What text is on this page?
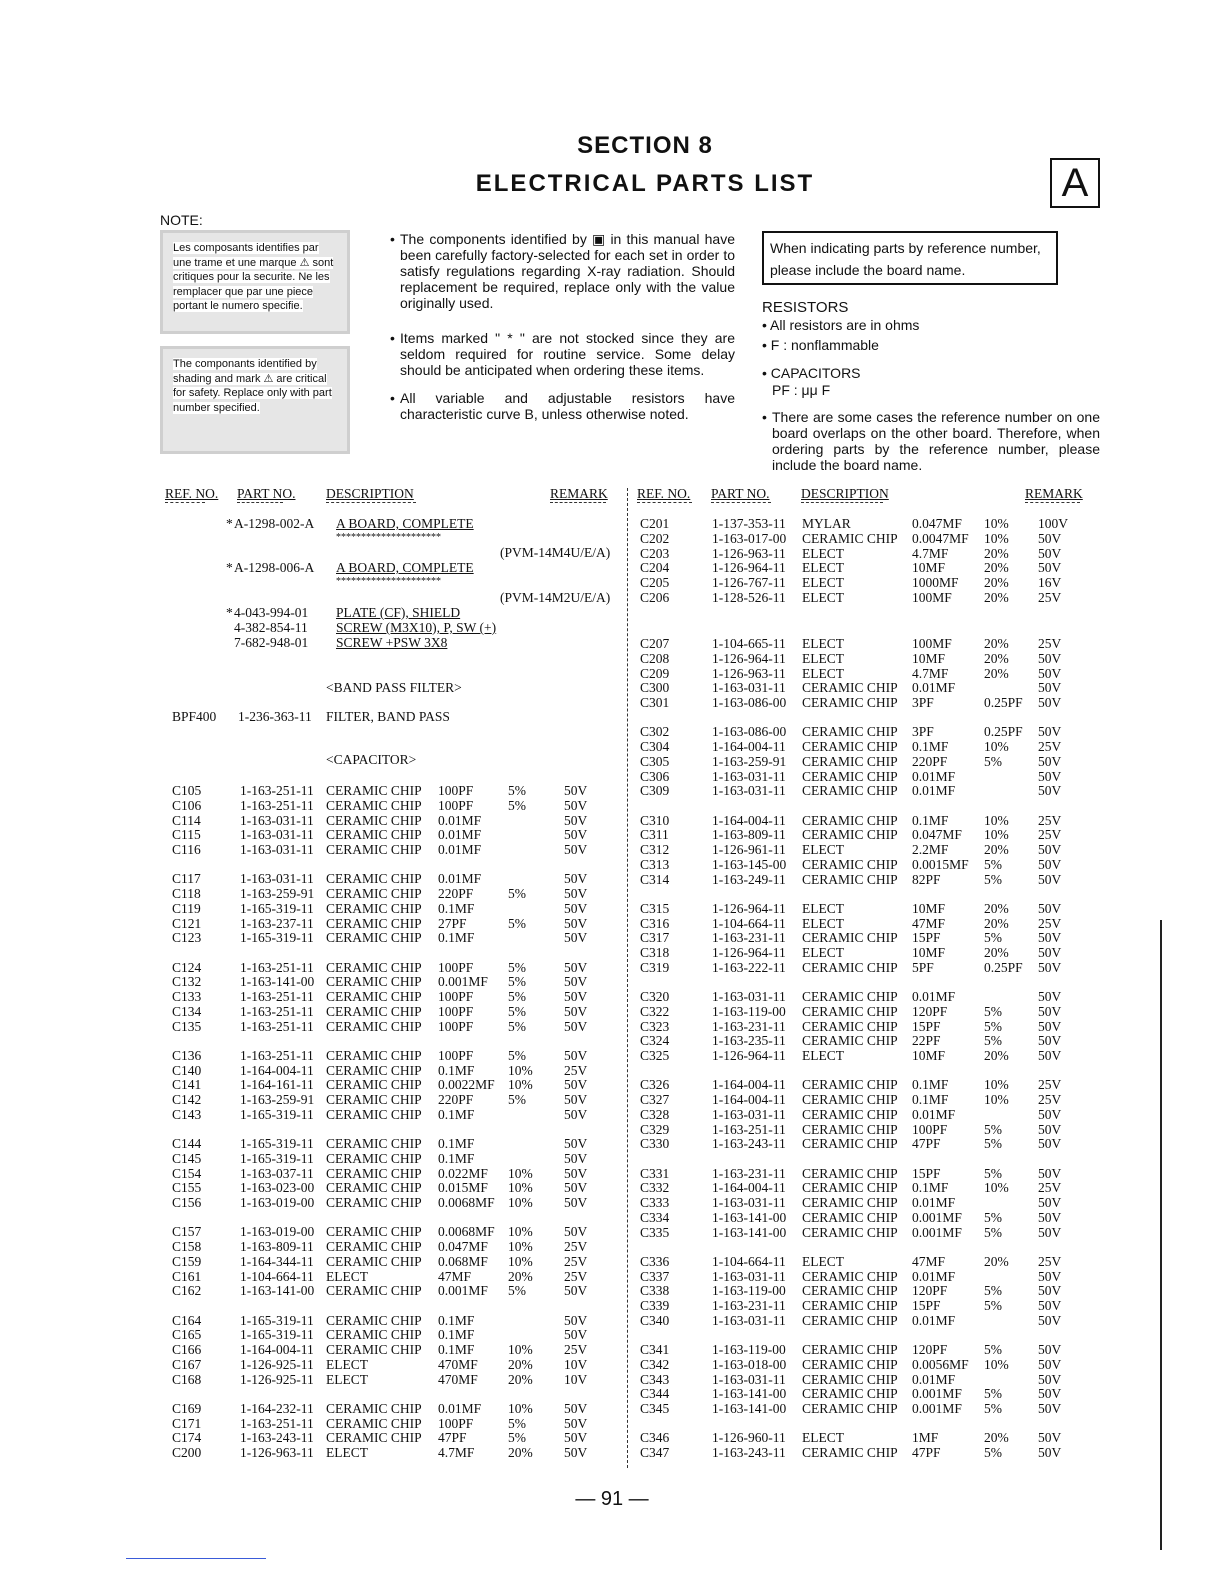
SECTION 8
ELECTRICAL PARTS LIST	A
NOTE:
Les composants identifies par une trame et une marque ⚠ sont critiques pour la securite. Ne les remplacer que par une piece portant le numero specifie.
The componants identified by shading and mark ⚠ are critical for safety. Replace only with part number specified.
• The components identified by ▣ in this manual have been carefully factory-selected for each set in order to satisfy regulations regarding X-ray radiation. Should replacement be required, replace only with the value originally used.
• Items marked " * " are not stocked since they are seldom required for routine service. Some delay should be anticipated when ordering these items.
• All variable and adjustable resistors have characteristic curve B, unless otherwise noted.
When indicating parts by reference number, please include the board name.
RESISTORS
• All resistors are in ohms
• F : nonflammable
• CAPACITORS
PF : μμ F
• There are some cases the reference number on one board overlaps on the other board. Therefore, when ordering parts by the reference number, please include the board name.
REF. NO. PART NO. DESCRIPTION	REMARK REF. NO. PART NO. DESCRIPTION	REMARK
* A-1298-002-A A BOARD, COMPLETE
*********************
(PVM-14M4U/E/A)
* A-1298-006-A A BOARD, COMPLETE
*********************
(PVM-14M2U/E/A)
* 4-043-994-01 PLATE (CF), SHIELD
4-382-854-11 SCREW (M3X10), P, SW (+)
7-682-948-01 SCREW +PSW 3X8
<BAND PASS FILTER>
BPF400 1-236-363-11 FILTER, BAND PASS
<CAPACITOR>
C105	1-163-251-11 CERAMIC CHIP 100PF	5%	50V
C106	1-163-251-11 CERAMIC CHIP 100PF	5%	50V
C114	1-163-031-11 CERAMIC CHIP 0.01MF	50V
C115	1-163-031-11 CERAMIC CHIP 0.01MF	50V
C116	1-163-031-11 CERAMIC CHIP 0.01MF	50V
C117	1-163-031-11 CERAMIC CHIP 0.01MF	50V
C118	1-163-259-91 CERAMIC CHIP 220PF	5%	50V
C119	1-165-319-11 CERAMIC CHIP 0.1MF	50V
C121	1-163-237-11 CERAMIC CHIP 27PF	5%	50V
C123	1-165-319-11 CERAMIC CHIP 0.1MF	50V
C124	1-163-251-11 CERAMIC CHIP 100PF	5%	50V
C132	1-163-141-00 CERAMIC CHIP 0.001MF 5%	50V
C133	1-163-251-11 CERAMIC CHIP 100PF	5%	50V
C134	1-163-251-11 CERAMIC CHIP 100PF	5%	50V
C135	1-163-251-11 CERAMIC CHIP 100PF	5%	50V
C136	1-163-251-11 CERAMIC CHIP 100PF	5%	50V
C140	1-164-004-11 CERAMIC CHIP 0.1MF 10% 25V
C141	1-164-161-11 CERAMIC CHIP 0.0022MF 10% 50V
C142	1-163-259-91 CERAMIC CHIP 220PF	5%	50V
C143	1-165-319-11 CERAMIC CHIP 0.1MF	50V
C144	1-165-319-11 CERAMIC CHIP 0.1MF	50V
C145	1-165-319-11 CERAMIC CHIP 0.1MF	50V
C154	1-163-037-11 CERAMIC CHIP 0.022MF 10% 50V
C155	1-163-023-00 CERAMIC CHIP 0.015MF 10% 50V
C156	1-163-019-00 CERAMIC CHIP 0.0068MF 10% 50V
C157	1-163-019-00 CERAMIC CHIP 0.0068MF 10% 50V
C158	1-163-809-11 CERAMIC CHIP 0.047MF 10% 25V
C159	1-164-344-11 CERAMIC CHIP 0.068MF 10% 25V
C161	1-104-664-11 ELECT	47MF	20% 25V
C162	1-163-141-00 CERAMIC CHIP 0.001MF 5%	50V
C164	1-165-319-11 CERAMIC CHIP 0.1MF	50V
C165	1-165-319-11 CERAMIC CHIP 0.1MF	50V
C166	1-164-004-11 CERAMIC CHIP 0.1MF 10% 25V
C167	1-126-925-11 ELECT	470MF 20% 10V
C168	1-126-925-11 ELECT	470MF 20% 10V
C169	1-164-232-11 CERAMIC CHIP 0.01MF 10% 50V
C171	1-163-251-11 CERAMIC CHIP 100PF	5%	50V
C174	1-163-243-11 CERAMIC CHIP 47PF	5%	50V
C200	1-126-963-11 ELECT	4.7MF 20% 50V
C201	1-137-353-11 MYLAR	0.047MF 10% 100V
C202	1-163-017-00 CERAMIC CHIP 0.0047MF 10% 50V
C203	1-126-963-11 ELECT	4.7MF	20% 50V
C204	1-126-964-11 ELECT	10MF	20% 50V
C205	1-126-767-11 ELECT	1000MF 20% 16V
C206	1-128-526-11 ELECT	100MF 20% 25V
C207	1-104-665-11 ELECT	100MF 20% 25V
C208	1-126-964-11 ELECT	10MF	20% 50V
C209	1-126-963-11 ELECT	4.7MF	20% 50V
C300	1-163-031-11 CERAMIC CHIP 0.01MF	50V
C301	1-163-086-00 CERAMIC CHIP 3PF	0.25PF 50V
C302	1-163-086-00 CERAMIC CHIP 3PF	0.25PF 50V
C304	1-164-004-11 CERAMIC CHIP 0.1MF	10% 25V
C305	1-163-259-91 CERAMIC CHIP 220PF	5%	50V
C306	1-163-031-11 CERAMIC CHIP 0.01MF	50V
C309	1-163-031-11 CERAMIC CHIP 0.01MF	50V
C310	1-164-004-11 CERAMIC CHIP 0.1MF	10% 25V
C311	1-163-809-11 CERAMIC CHIP 0.047MF 10% 25V
C312	1-126-961-11 ELECT	2.2MF	20% 50V
C313	1-163-145-00 CERAMIC CHIP 0.0015MF 5%	50V
C314	1-163-249-11 CERAMIC CHIP 82PF	5%	50V
C315	1-126-964-11 ELECT	10MF	20% 50V
C316	1-104-664-11 ELECT	47MF	20% 25V
C317	1-163-231-11 CERAMIC CHIP 15PF	5%	50V
C318	1-126-964-11 ELECT	10MF	20% 50V
C319	1-163-222-11 CERAMIC CHIP 5PF	0.25PF 50V
C320	1-163-031-11 CERAMIC CHIP 0.01MF	50V
C322	1-163-119-00 CERAMIC CHIP 120PF	5%	50V
C323	1-163-231-11 CERAMIC CHIP 15PF	5%	50V
C324	1-163-235-11 CERAMIC CHIP 22PF	5%	50V
C325	1-126-964-11 ELECT	10MF	20% 50V
C326	1-164-004-11 CERAMIC CHIP 0.1MF	10% 25V
C327	1-164-004-11 CERAMIC CHIP 0.1MF	10% 25V
C328	1-163-031-11 CERAMIC CHIP 0.01MF	50V
C329	1-163-251-11 CERAMIC CHIP 100PF	5%	50V
C330	1-163-243-11 CERAMIC CHIP 47PF	5%	50V
C331	1-163-231-11 CERAMIC CHIP 15PF	5%	50V
C332	1-164-004-11 CERAMIC CHIP 0.1MF	10% 25V
C333	1-163-031-11 CERAMIC CHIP 0.01MF	50V
C334	1-163-141-00 CERAMIC CHIP 0.001MF 5%	50V
C335	1-163-141-00 CERAMIC CHIP 0.001MF 5%	50V
C336	1-104-664-11 ELECT	47MF	20% 25V
C337	1-163-031-11 CERAMIC CHIP 0.01MF	50V
C338	1-163-119-00 CERAMIC CHIP 120PF	5%	50V
C339	1-163-231-11 CERAMIC CHIP 15PF	5%	50V
C340	1-163-031-11 CERAMIC CHIP 0.01MF	50V
C341	1-163-119-00 CERAMIC CHIP 120PF	5%	50V
C342	1-163-018-00 CERAMIC CHIP 0.0056MF 10% 50V
C343	1-163-031-11 CERAMIC CHIP 0.01MF	50V
C344	1-163-141-00 CERAMIC CHIP 0.001MF 5%	50V
C345	1-163-141-00 CERAMIC CHIP 0.001MF 5%	50V
C346	1-126-960-11 ELECT	1MF	20% 50V
C347	1-163-243-11 CERAMIC CHIP 47PF	5%	50V
— 91 —
